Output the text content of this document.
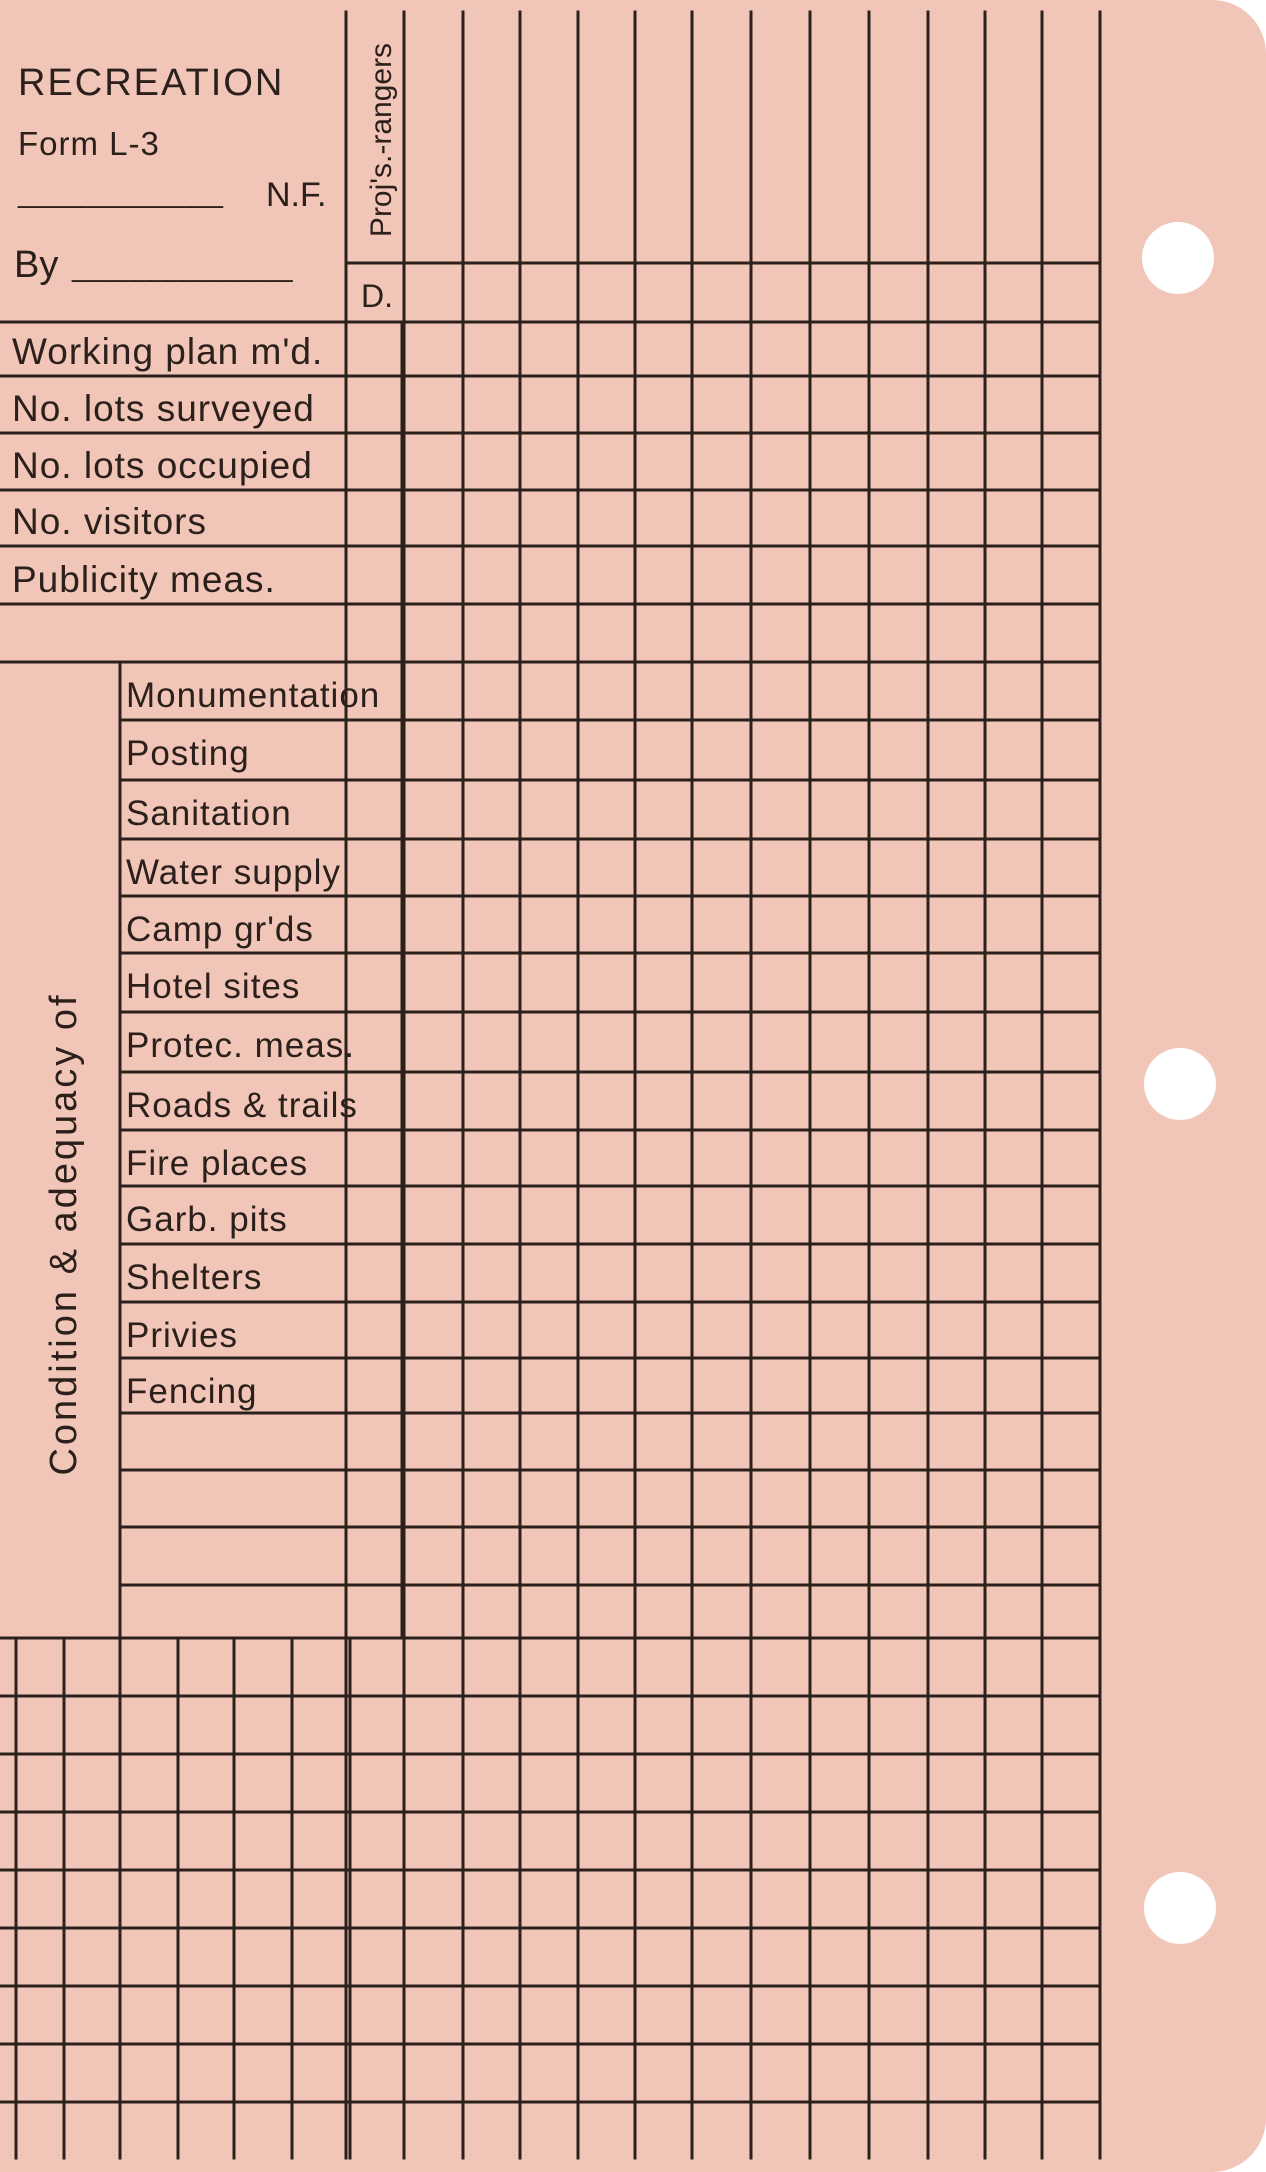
RECREATION
Form L-3
_____________ N.F.
By ______________
Proj's.-rangers
D.
Condition & adequacy of
Working plan m'd.
No. lots surveyed
No. lots occupied
No. visitors
Publicity meas.
Monumentation
Posting
Sanitation
Water supply
Camp gr'ds
Hotel sites
Protec. meas.
Roads & trails
Fire places
Garb. pits
Shelters
Privies
Fencing
